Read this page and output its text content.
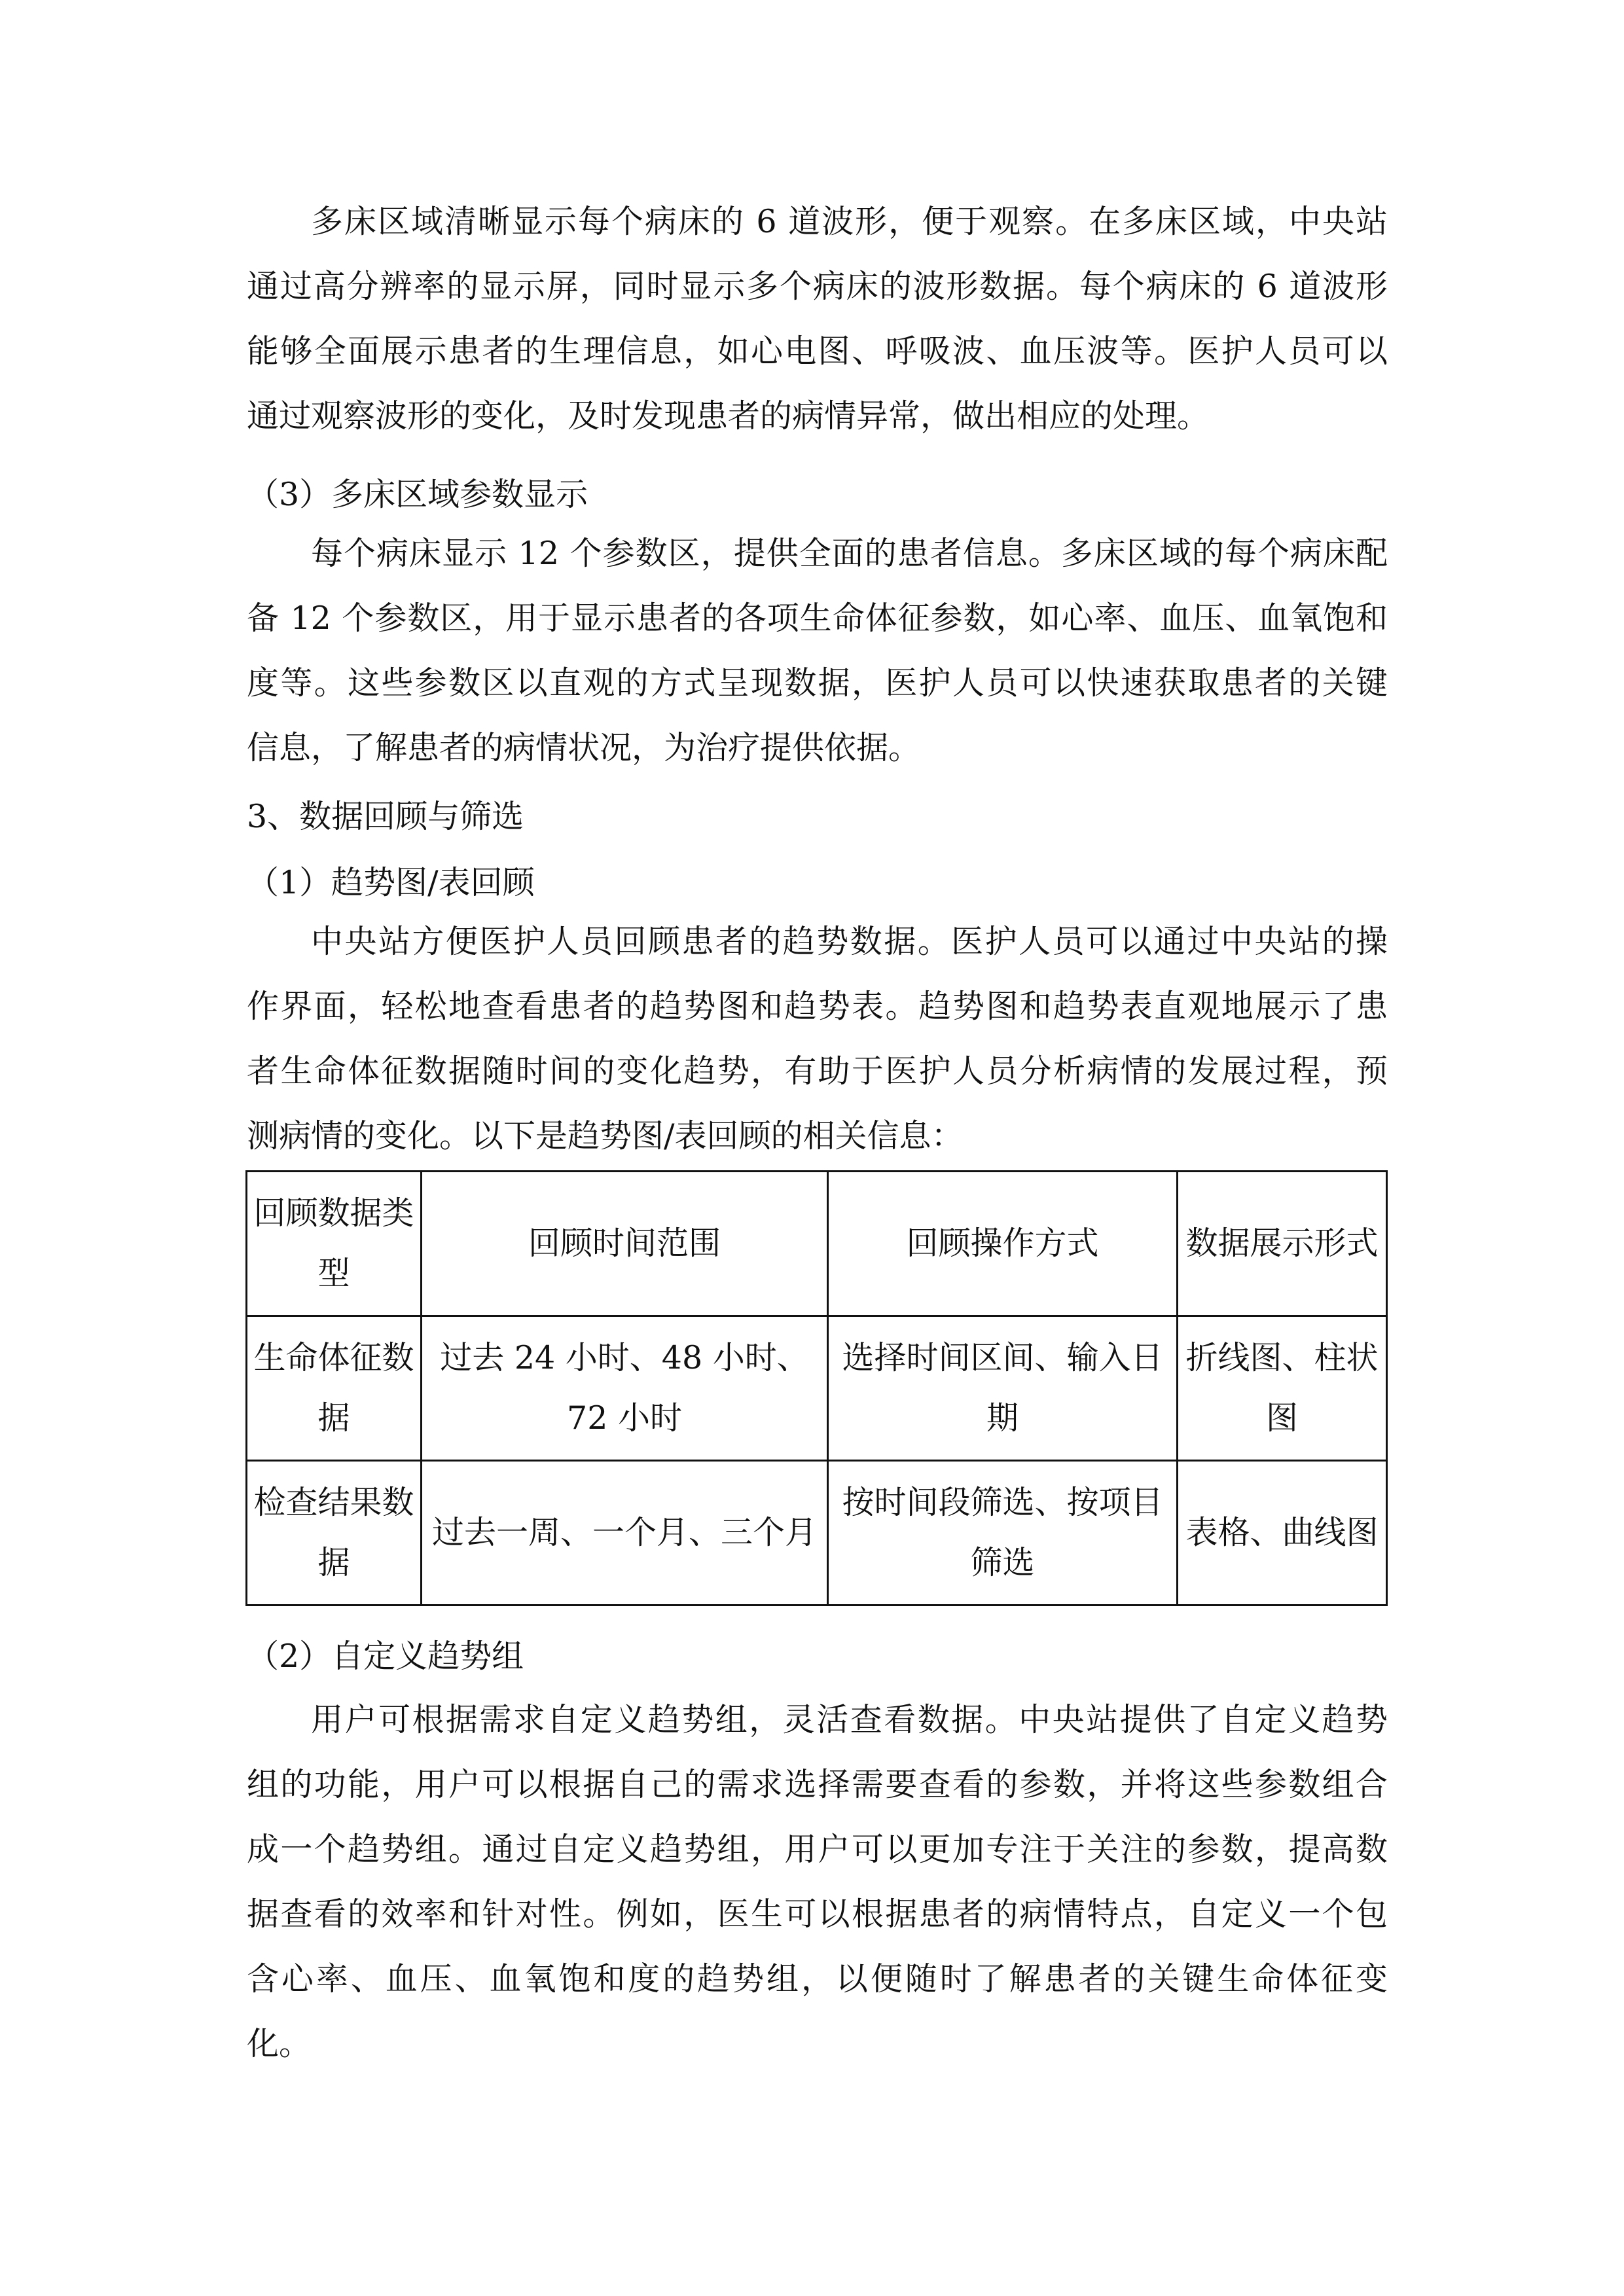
多床区域清晰显示每个病床的 6 道波形，便于观察。在多床区域，中央站
通过高分辨率的显示屏，同时显示多个病床的波形数据。每个病床的 6 道波形
能够全面展示患者的生理信息，如心电图、呼吸波、血压波等。医护人员可以
通过观察波形的变化，及时发现患者的病情异常，做出相应的处理。
（3）多床区域参数显示
每个病床显示 12 个参数区，提供全面的患者信息。多床区域的每个病床配
备 12 个参数区，用于显示患者的各项生命体征参数，如心率、血压、血氧饱和
度等。这些参数区以直观的方式呈现数据，医护人员可以快速获取患者的关键
信息，了解患者的病情状况，为治疗提供依据。
3、数据回顾与筛选
（1）趋势图/表回顾
中央站方便医护人员回顾患者的趋势数据。医护人员可以通过中央站的操
作界面，轻松地查看患者的趋势图和趋势表。趋势图和趋势表直观地展示了患
者生命体征数据随时间的变化趋势，有助于医护人员分析病情的发展过程，预
测病情的变化。以下是趋势图/表回顾的相关信息：
回顾数据类型	回顾时间范围	回顾操作方式	数据展示形式
生命体征数据	过去 24 小时、48 小时、72 小时	选择时间区间、输入日期	折线图、柱状图
检查结果数据	过去一周、一个月、三个月	按时间段筛选、按项目筛选	表格、曲线图
（2）自定义趋势组
用户可根据需求自定义趋势组，灵活查看数据。中央站提供了自定义趋势
组的功能，用户可以根据自己的需求选择需要查看的参数，并将这些参数组合
成一个趋势组。通过自定义趋势组，用户可以更加专注于关注的参数，提高数
据查看的效率和针对性。例如，医生可以根据患者的病情特点，自定义一个包
含心率、血压、血氧饱和度的趋势组，以便随时了解患者的关键生命体征变
化。
